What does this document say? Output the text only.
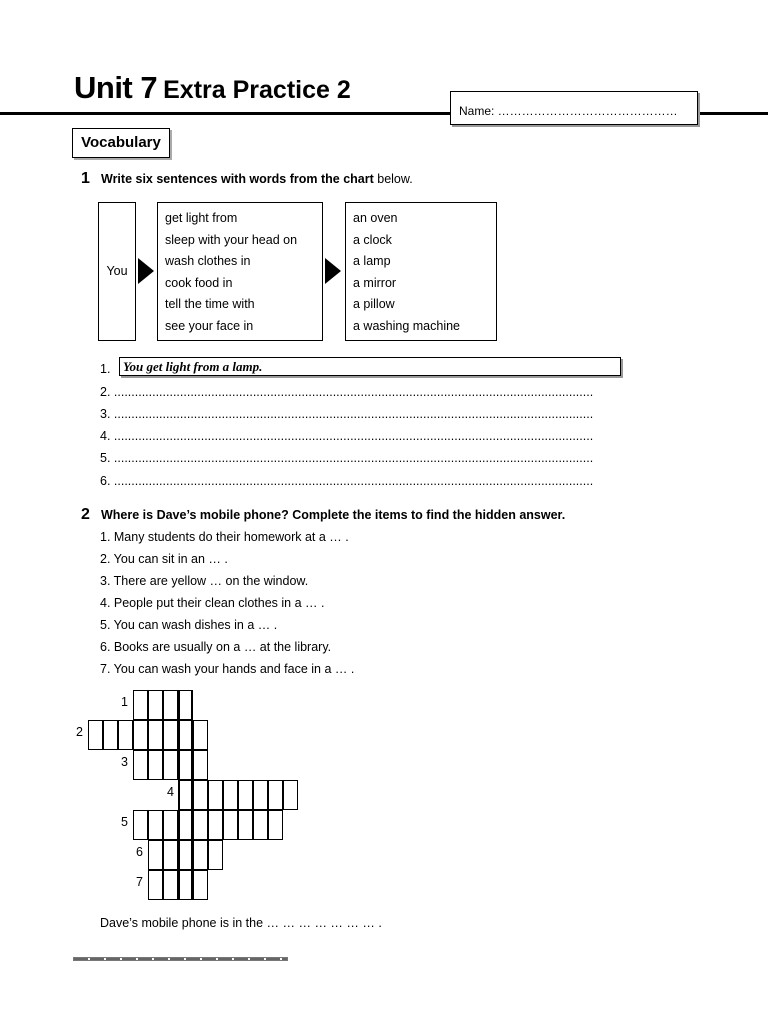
Unit 7 Extra Practice 2
Name: ………………………………………
Vocabulary
1 Write six sentences with words from the chart below.
You
get light from
sleep with your head on
wash clothes in
cook food in
tell the time with
see your face in
an oven
a clock
a lamp
a mirror
a pillow
a washing machine
1.
2. ..........................................................................................................................................
3. ..........................................................................................................................................
4. ..........................................................................................................................................
5. ..........................................................................................................................................
6. ..........................................................................................................................................
You get light from a lamp.
2 Where is Dave’s mobile phone? Complete the items to find the hidden answer.
1. Many students do their homework at a … .
2. You can sit in an … .
3. There are yellow … on the window.
4. People put their clean clothes in a … .
5. You can wash dishes in a … .
6. Books are usually on a … at the library.
7. You can wash your hands and face in a … .
1
2
3
4
5
6
7
Dave’s mobile phone is in the … … … … … … … .
